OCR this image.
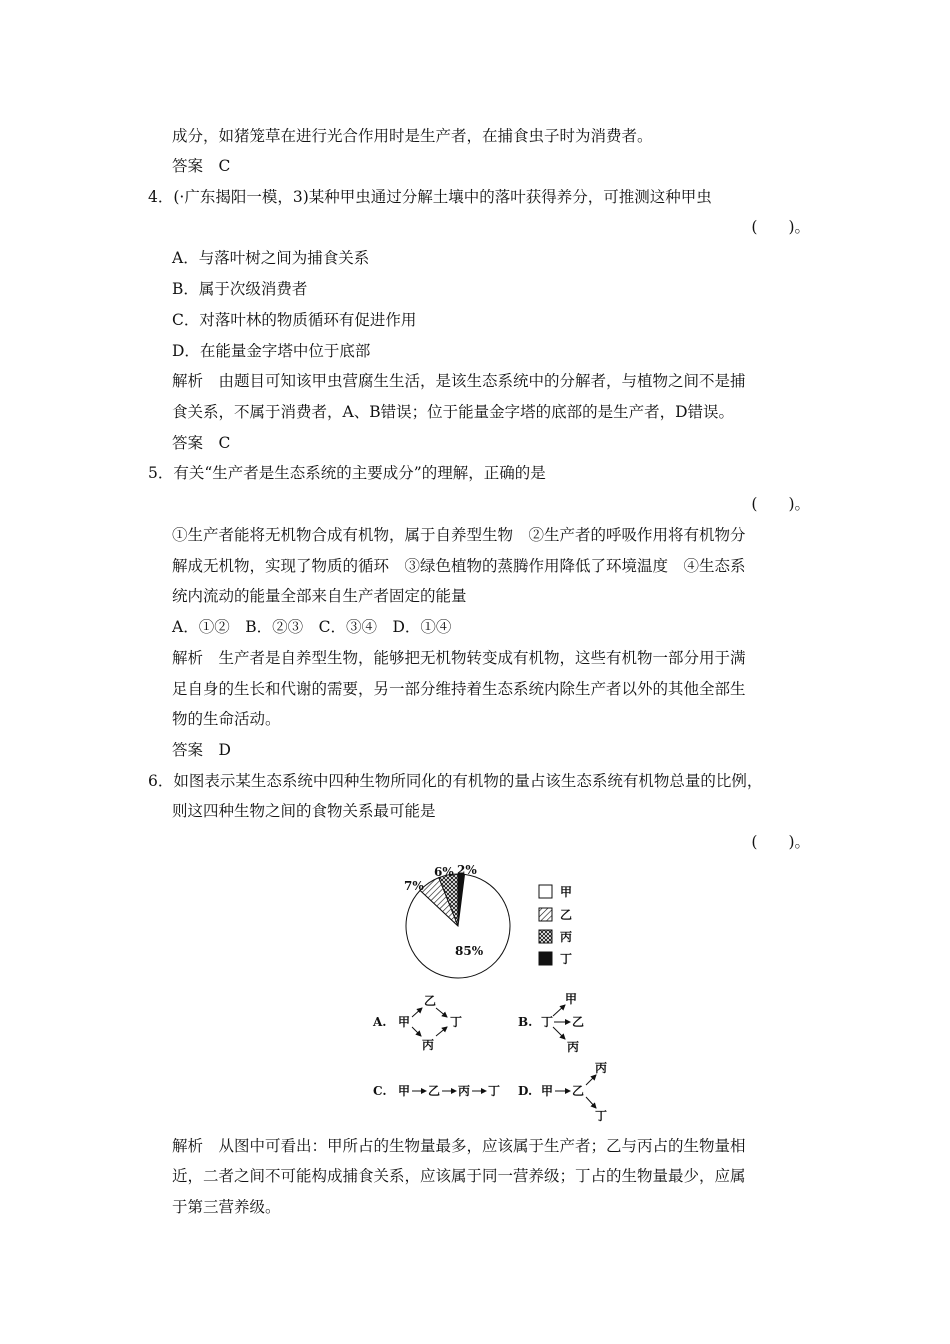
成分，如猪笼草在进行光合作用时是生产者，在捕食虫子时为消费者。
答案　C
4．(·广东揭阳一模，3)某种甲虫通过分解土壤中的落叶获得养分，可推测这种甲虫
(　　)。
A．与落叶树之间为捕食关系
B．属于次级消费者
C．对落叶林的物质循环有促进作用
D．在能量金字塔中位于底部
解析　由题目可知该甲虫营腐生生活，是该生态系统中的分解者，与植物之间不是捕
食关系，不属于消费者，A、B错误；位于能量金字塔的底部的是生产者，D错误。
答案　C
5．有关“生产者是生态系统的主要成分”的理解，正确的是
(　　)。
①生产者能将无机物合成有机物，属于自养型生物　②生产者的呼吸作用将有机物分
解成无机物，实现了物质的循环　③绿色植物的蒸腾作用降低了环境温度　④生态系
统内流动的能量全部来自生产者固定的能量
A．①②　B．②③　C．③④　D．①④
解析　生产者是自养型生物，能够把无机物转变成有机物，这些有机物一部分用于满
足自身的生长和代谢的需要，另一部分维持着生态系统内除生产者以外的其他全部生
物的生命活动。
答案　D
6．如图表示某生态系统中四种生物所同化的有机物的量占该生态系统有机物总量的比例，
则这四种生物之间的食物关系最可能是
(　　)。
85%
7%
6% 2%
甲
乙
丙
丁
A. 甲
乙
丁
丙
B. 丁 乙
甲
丙
C. 甲 乙 丙 丁 D. 甲 乙
丙
丁
解析　从图中可看出：甲所占的生物量最多，应该属于生产者；乙与丙占的生物量相
近，二者之间不可能构成捕食关系，应该属于同一营养级；丁占的生物量最少，应属
于第三营养级。
